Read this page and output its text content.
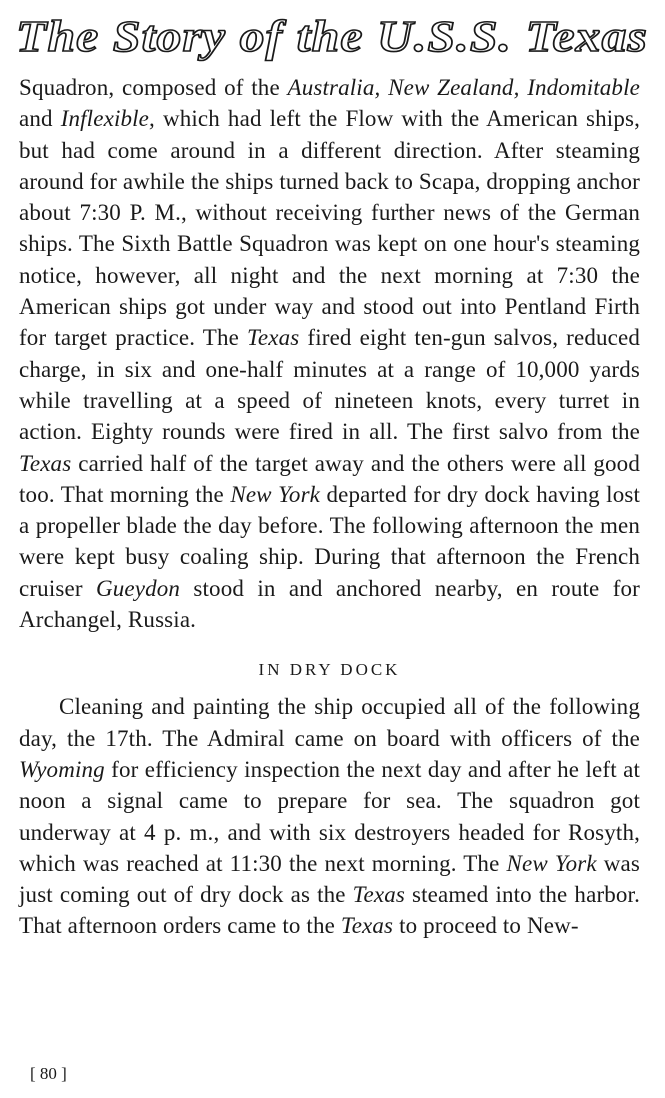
The Story of the U.S.S. Texas

Squadron, composed of the Australia, New Zealand, Indomitable and Inflexible, which had left the Flow with the American ships, but had come around in a different direction. After steaming around for awhile the ships turned back to Scapa, dropping anchor about 7:30 P. M., without receiving further news of the German ships. The Sixth Battle Squadron was kept on one hour's steaming notice, however, all night and the next morning at 7:30 the American ships got under way and stood out into Pentland Firth for target practice. The Texas fired eight ten-gun salvos, reduced charge, in six and one-half minutes at a range of 10,000 yards while travelling at a speed of nineteen knots, every turret in action. Eighty rounds were fired in all. The first salvo from the Texas carried half of the target away and the others were all good too. That morning the New York departed for dry dock having lost a propeller blade the day before. The following afternoon the men were kept busy coaling ship. During that afternoon the French cruiser Gueydon stood in and anchored nearby, en route for Archangel, Russia.

IN DRY DOCK

Cleaning and painting the ship occupied all of the following day, the 17th. The Admiral came on board with officers of the Wyoming for efficiency inspection the next day and after he left at noon a signal came to prepare for sea. The squadron got underway at 4 p. m., and with six destroyers headed for Rosyth, which was reached at 11:30 the next morning. The New York was just coming out of dry dock as the Texas steamed into the harbor. That afternoon orders came to the Texas to proceed to New-

[ 80 ]
